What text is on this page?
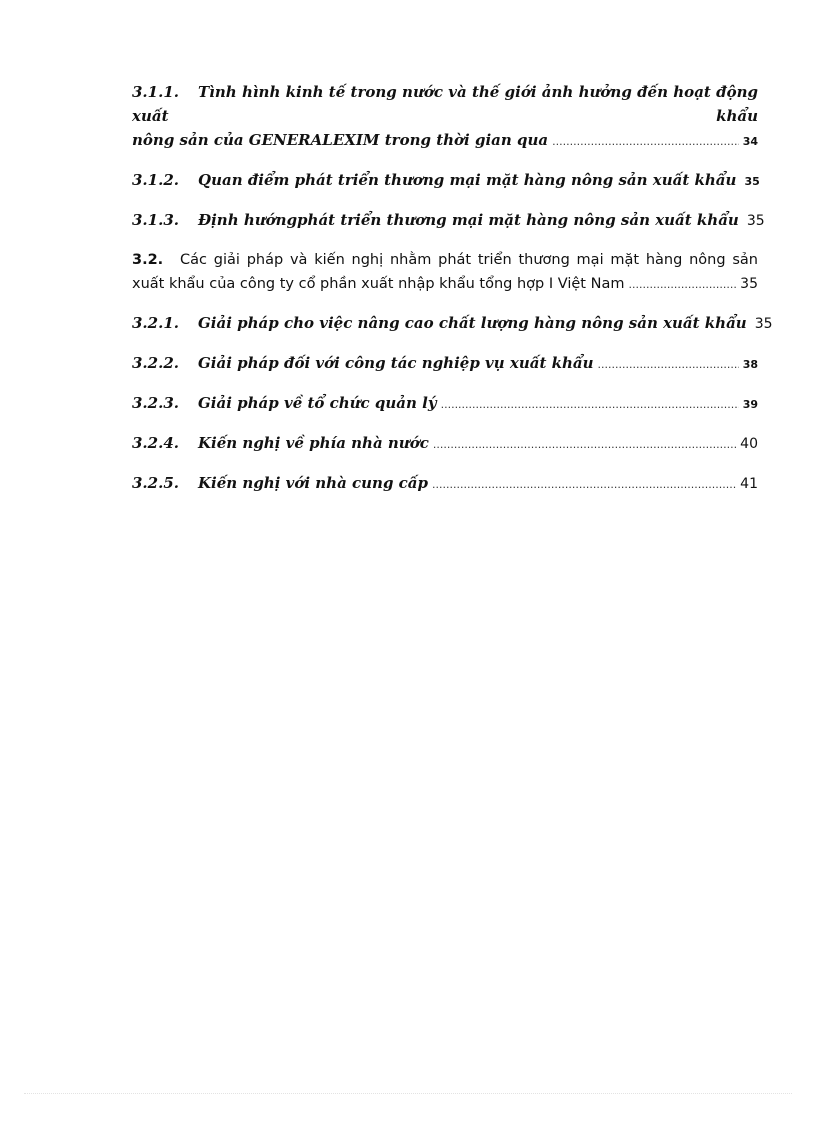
3.1.1. Tình hình kinh tế trong nước và thế giới ảnh hưởng đến hoạt động xuất khẩu
nông sản của GENERALEXIM trong thời gian qua .....	34
3.1.2.	Quan điểm phát triển thương mại mặt hàng nông sản xuất khẩu 35
3.1.3.	Định hướngphát triển thương mại mặt hàng nông sản xuất khẩu 35
3.2. Các giải pháp và kiến nghị nhằm phát triển thương mại mặt hàng nông sản
xuất khẩu của công ty cổ phần xuất nhập khẩu tổng hợp I Việt Nam .....	35
3.2.1.	Giải pháp cho việc nâng cao chất lượng hàng nông sản xuất khẩu 35
3.2.2.	Giải pháp đối với công tác nghiệp vụ xuất khẩu .....	38
3.2.3.	Giải pháp về tổ chức quản lý .....	39
3.2.4.	Kiến nghị về phía nhà nước .....	40
3.2.5.	Kiến nghị với nhà cung cấp .....	41
